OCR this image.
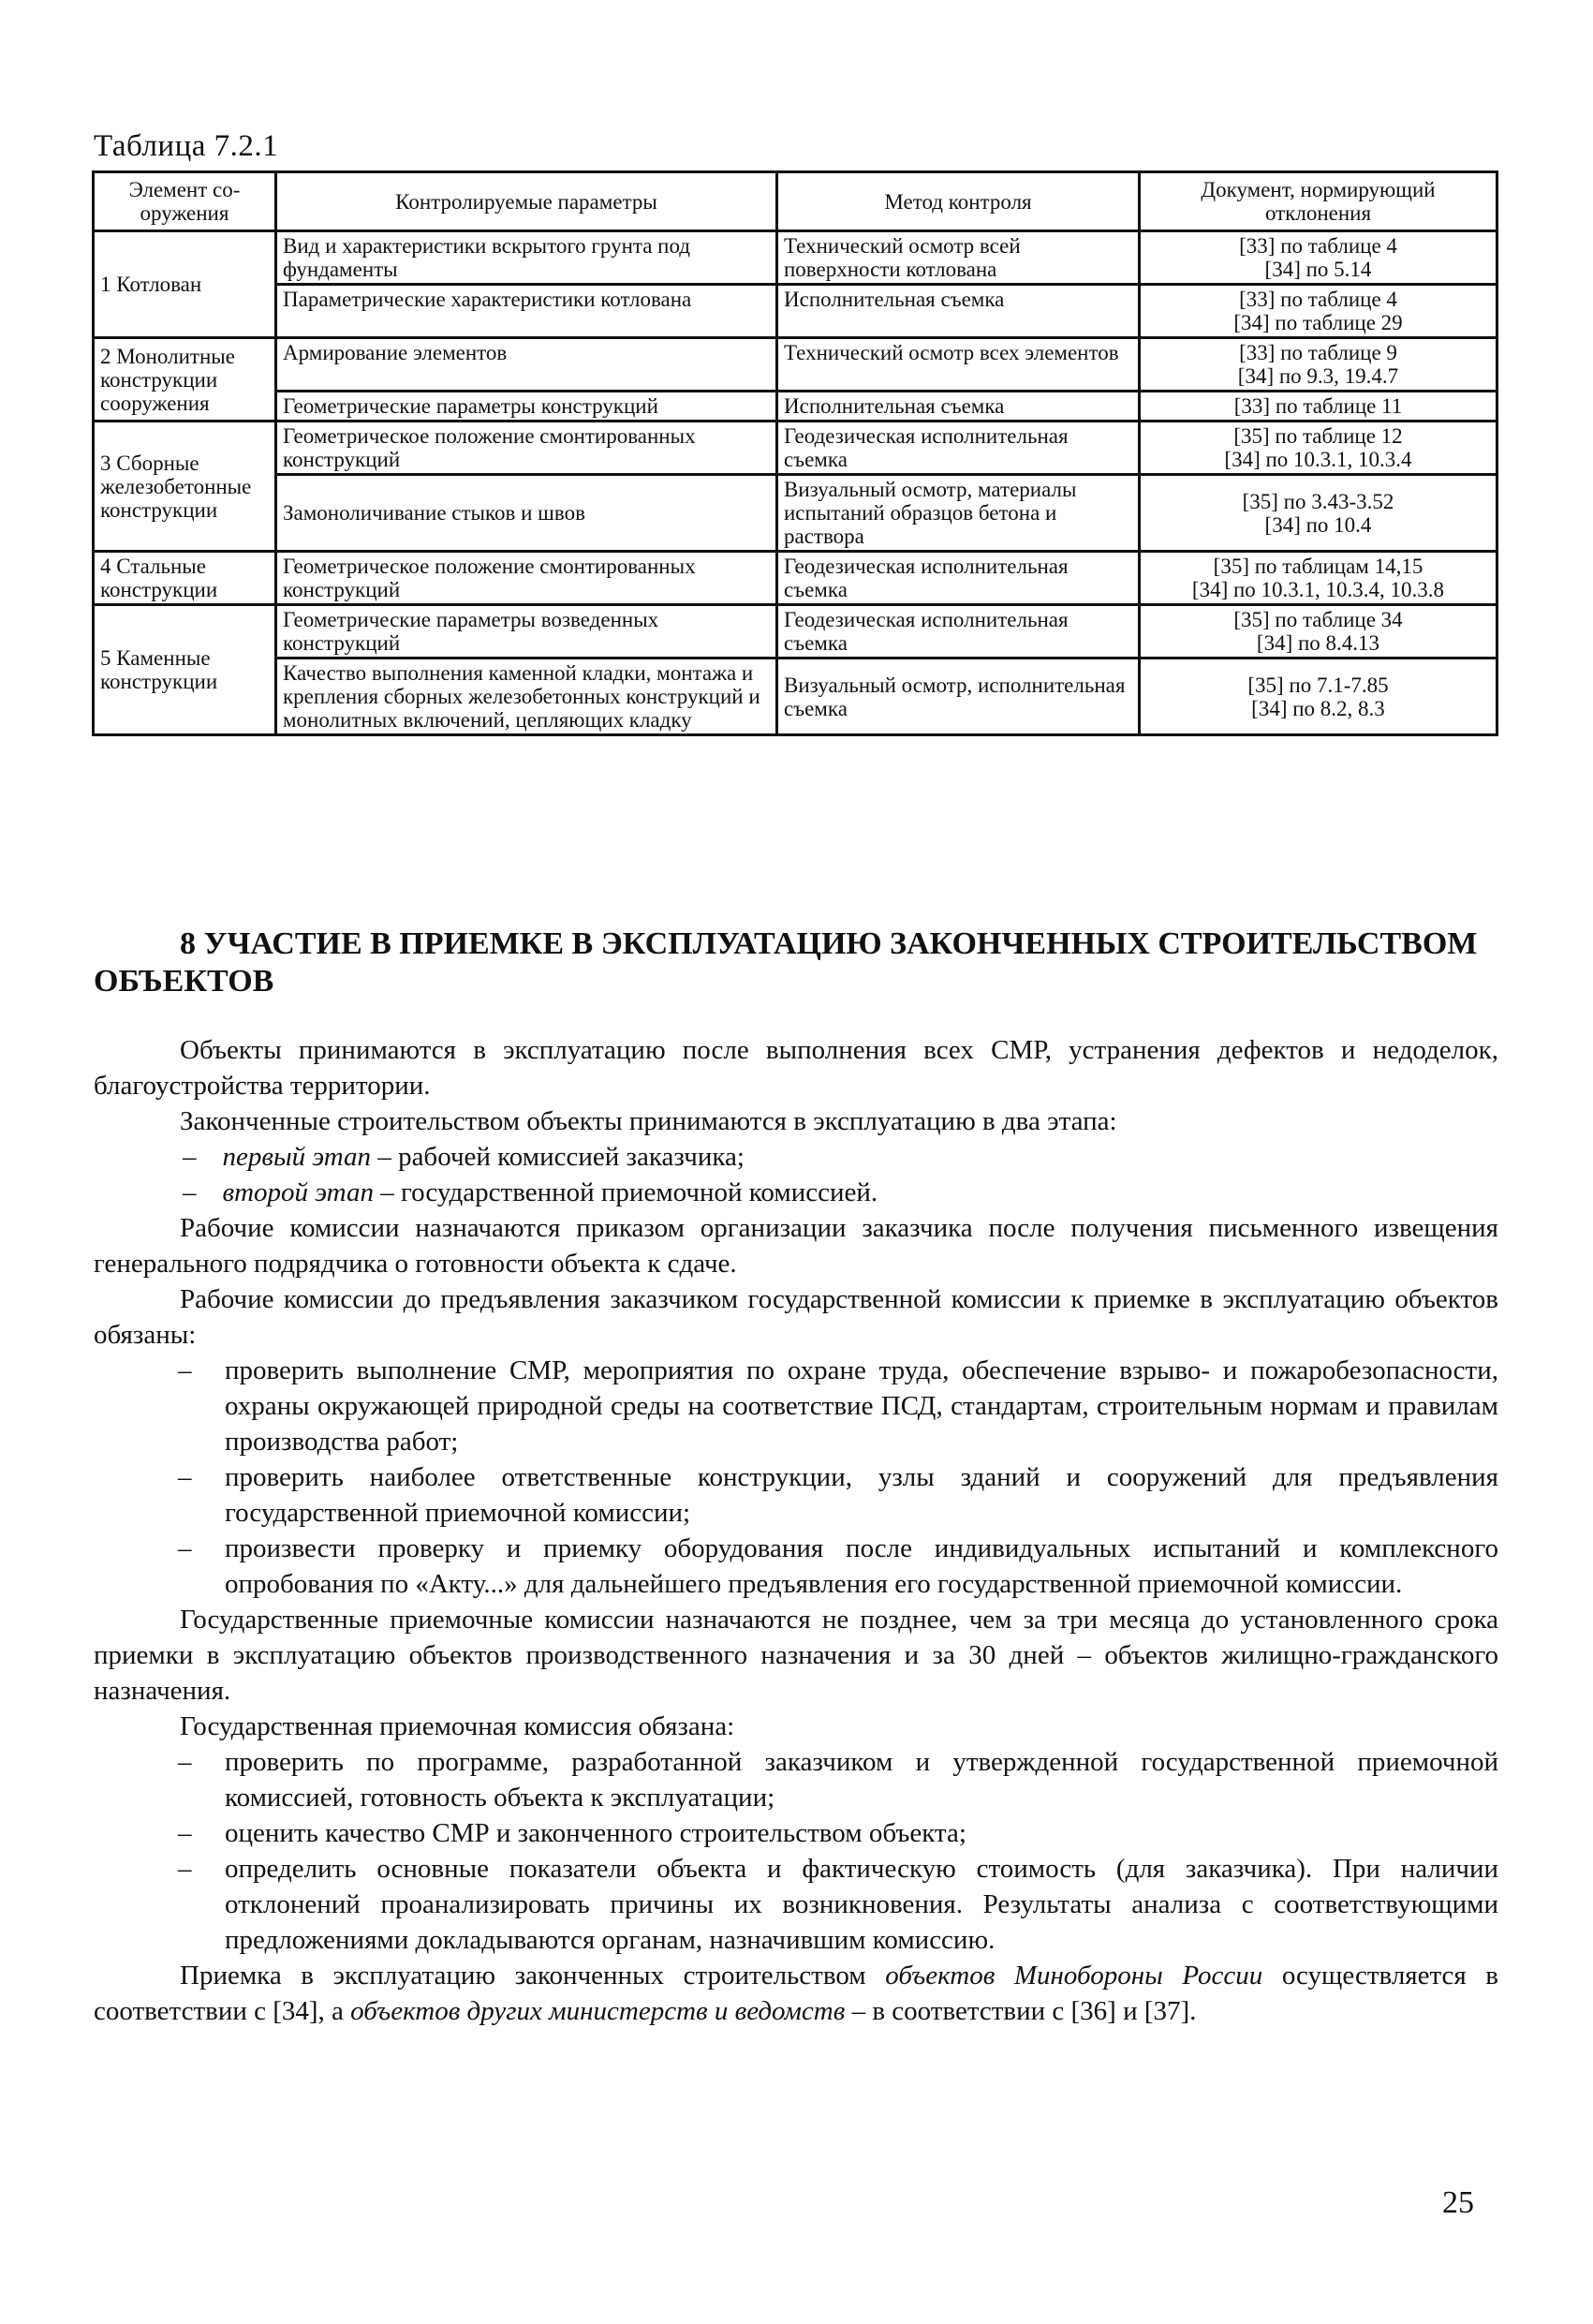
Таблица 7.2.1
Элемент со-оружения	Контролируемые параметры	Метод контроля	Документ, нормирующий отклонения
1 Котлован	Вид и характеристики вскрытого грунта под фундаменты	Технический осмотр всей поверхности котлована	[33] по таблице 4
[34] по 5.14

	Параметрические характеристики котлована	Исполнительная съемка	[33] по таблице 4
[34] по таблице 29

2 Монолитные конструкции сооружения	Армирование элементов	Технический осмотр всех элементов	[33] по таблице 9
[34] по 9.3, 19.4.7

	Геометрические параметры конструкций	Исполнительная съемка	[33] по таблице 11

3 Сборные железобетонные конструкции	Геометрическое положение смонтированных конструкций	Геодезическая исполнительная съемка	[35] по таблице 12
[34] по 10.3.1, 10.3.4

	Замоноличивание стыков и швов	Визуальный осмотр, материалы испытаний образцов бетона и раствора	[35] по 3.43-3.52
[34] по 10.4

4 Стальные конструкции	Геометрическое положение смонтированных конструкций	Геодезическая исполнительная съемка	[35] по таблицам 14,15
[34] по 10.3.1, 10.3.4, 10.3.8

5 Каменные конструкции	Геометрические параметры возведенных конструкций	Геодезическая исполнительная съемка	[35] по таблице 34
[34] по 8.4.13

	Качество выполнения каменной кладки, монтажа и крепления сборных железобетонных конструкций и монолитных включений, цепляющих кладку	Визуальный осмотр, исполнительная съемка	[35] по 7.1-7.85
[34] по 8.2, 8.3
8 УЧАСТИЕ В ПРИЕМКЕ В ЭКСПЛУАТАЦИЮ ЗАКОНЧЕННЫХ СТРОИТЕЛЬСТВОМ ОБЪЕКТОВ

Объекты принимаются в эксплуатацию после выполнения всех СМР, устранения дефектов и недоделок, благоустройства территории.

Законченные строительством объекты принимаются в эксплуатацию в два этапа:

– первый этап – рабочей комиссией заказчика;
– второй этап – государственной приемочной комиссией.

Рабочие комиссии назначаются приказом организации заказчика после получения письменного извещения генерального подрядчика о готовности объекта к сдаче.

Рабочие комиссии до предъявления заказчиком государственной комиссии к приемке в эксплуатацию объектов обязаны:

– проверить выполнение СМР, мероприятия по охране труда, обеспечение взрыво- и пожаробезопасности, охраны окружающей природной среды на соответствие ПСД, стандартам, строительным нормам и правилам производства работ;
– проверить наиболее ответственные конструкции, узлы зданий и сооружений для предъявления государственной приемочной комиссии;
– произвести проверку и приемку оборудования после индивидуальных испытаний и комплексного опробования по «Акту...» для дальнейшего предъявления его государственной приемочной комиссии.

Государственные приемочные комиссии назначаются не позднее, чем за три месяца до установленного срока приемки в эксплуатацию объектов производственного назначения и за 30 дней – объектов жилищно-гражданского назначения.

Государственная приемочная комиссия обязана:

– проверить по программе, разработанной заказчиком и утвержденной государственной приемочной комиссией, готовность объекта к эксплуатации;
– оценить качество СМР и законченного строительством объекта;
– определить основные показатели объекта и фактическую стоимость (для заказчика). При наличии отклонений проанализировать причины их возникновения. Результаты анализа с соответствующими предложениями докладываются органам, назначившим комиссию.

Приемка в эксплуатацию законченных строительством объектов Минобороны России осуществляется в соответствии с [34], а объектов других министерств и ведомств – в соответствии с [36] и [37].

25
